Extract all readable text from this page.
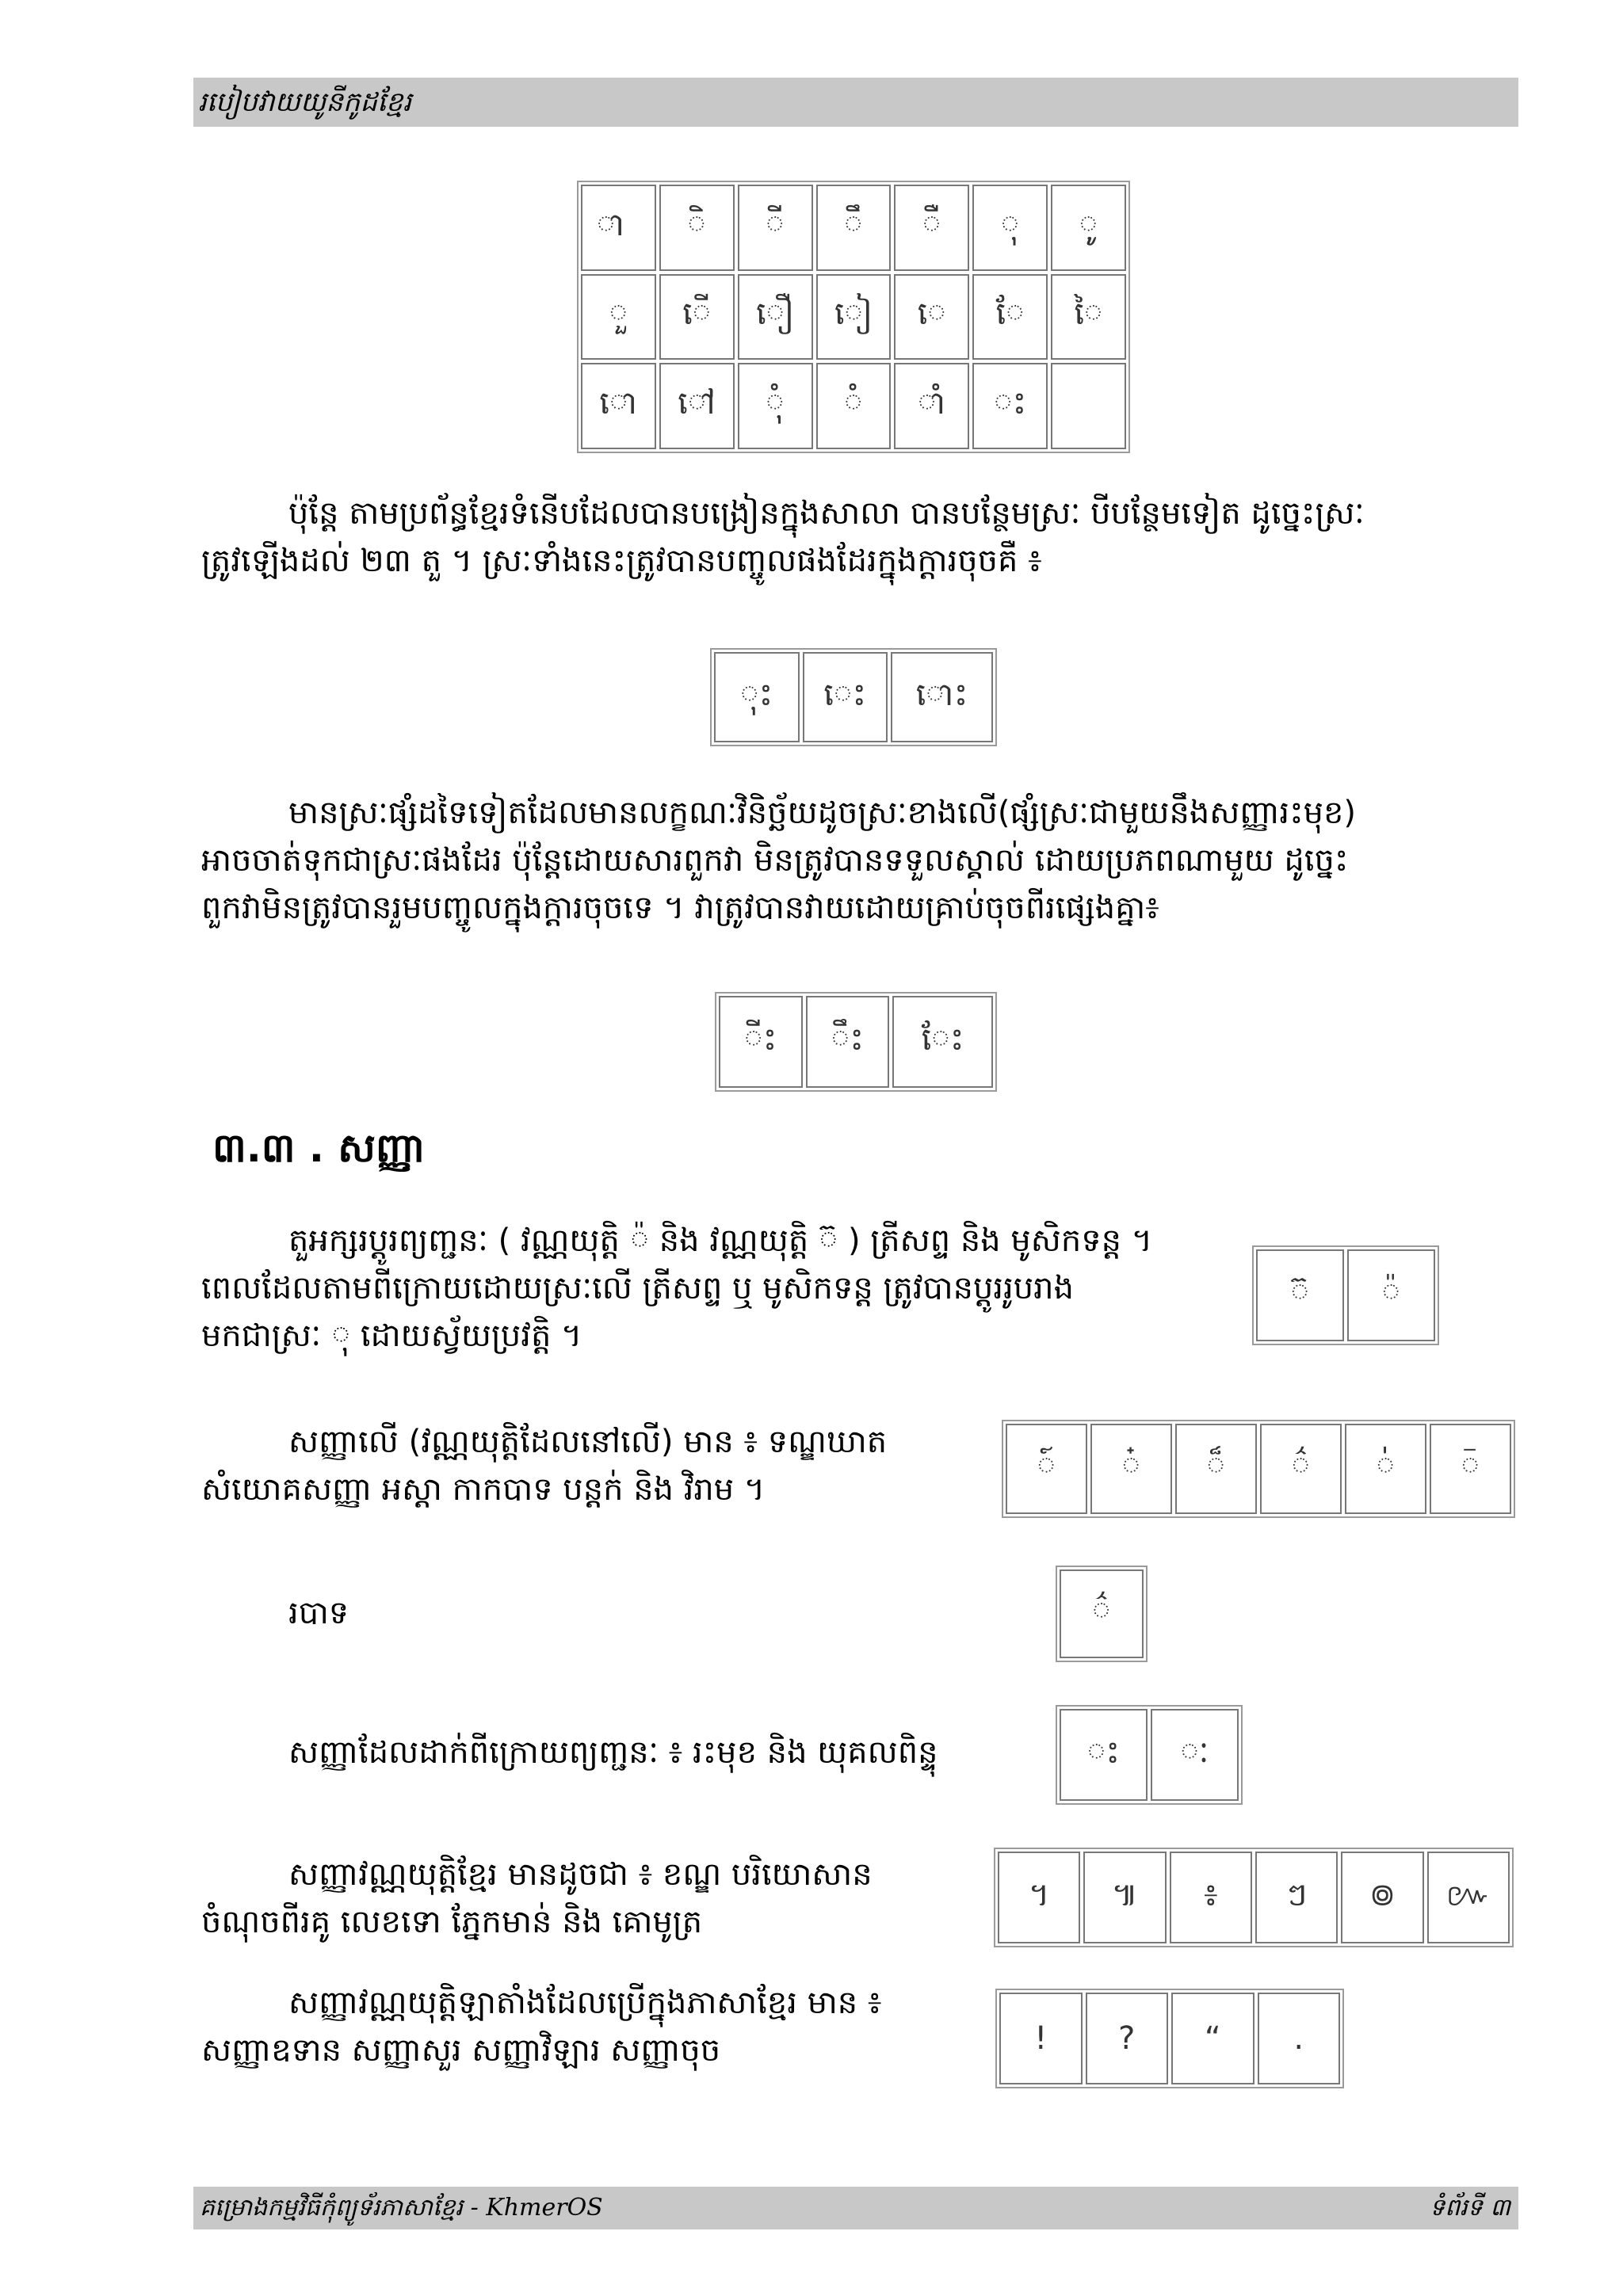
របៀបវាយយូនីកូដខ្មែរ
ា	ិ	ី	ឹ	ឺ	ុ	ូ
ួ	ើ	ឿ	ៀ	េ	ែ	ៃ
ោ	ៅ	ុំ	ំ	ាំ	ះ
ប៉ុន្តែ តាមប្រព័ន្ធខ្មែរទំនើបដែលបានបង្រៀនក្នុងសាលា បានបន្ថែមស្រៈ បីបន្ថែមទៀត ដូច្នេះស្រៈ
ត្រូវឡើងដល់ ២៣ តួ ។ ស្រៈទាំងនេះត្រូវបានបញ្ចូលផងដែរក្នុងក្តារចុចគឺ ៖
ុះ	េះ	ោះ
មានស្រៈផ្សំដទៃទៀតដែលមានលក្ខណៈវិនិច្ឆ័យដូចស្រៈខាងលើ(ផ្សំស្រៈជាមួយនឹងសញ្ញារះមុខ)
អាចចាត់ទុកជាស្រៈផងដែរ ប៉ុន្តែដោយសារពួកវា មិនត្រូវបានទទួលស្គាល់ ដោយប្រភពណាមួយ ដូច្នេះ
ពួកវាមិនត្រូវបានរួមបញ្ចូលក្នុងក្តារចុចទេ ។ វាត្រូវបានវាយដោយគ្រាប់ចុចពីរផ្សេងគ្នា៖
ីះ	ឹះ	ែះ
៣.៣ . សញ្ញា
តួអក្សរប្តូរព្យញ្ជនៈ ( វណ្ណយុត្តិ ៉ និង វណ្ណយុត្តិ ៊ ) ត្រីសព្ទ និង មូសិកទន្ត ។
ពេលដែលតាមពីក្រោយដោយស្រៈលើ ត្រីសព្ទ ឬ មូសិកទន្ត ត្រូវបានប្តូររូបរាង
មកជាស្រៈ ុ ដោយស្វ័យប្រវត្តិ ។
៊	៉
សញ្ញាលើ (វណ្ណយុត្តិដែលនៅលើ) មាន ៖ ទណ្ឌឃាត
សំយោគសញ្ញា អស្តា កាកបាទ បន្តក់ និង វិរាម ។
៍	៎	៏	៌	់	៑
របាទ	៌
សញ្ញាដែលដាក់ពីក្រោយព្យញ្ជនៈ ៖ រះមុខ និង យុគលពិន្ទុ	ះ	ៈ
សញ្ញាវណ្ណយុត្តិខ្មែរ មានដូចជា ៖ ខណ្ឌ បរិយោសាន
ចំណុចពីរគូ លេខទោ ភ្នែកមាន់ និង គោមូត្រ
។	៕	៖	ៗ	៙	៚
សញ្ញាវណ្ណយុត្តិឡាតាំងដែលប្រើក្នុងភាសាខ្មែរ មាន ៖
សញ្ញាឧទាន សញ្ញាសួរ សញ្ញាវិឡារ សញ្ញាចុច	!	?	“	.
គម្រោងកម្មវិធីកុំព្យូទ័រភាសាខ្មែរ - KhmerOS	ទំព័រទី ៣
